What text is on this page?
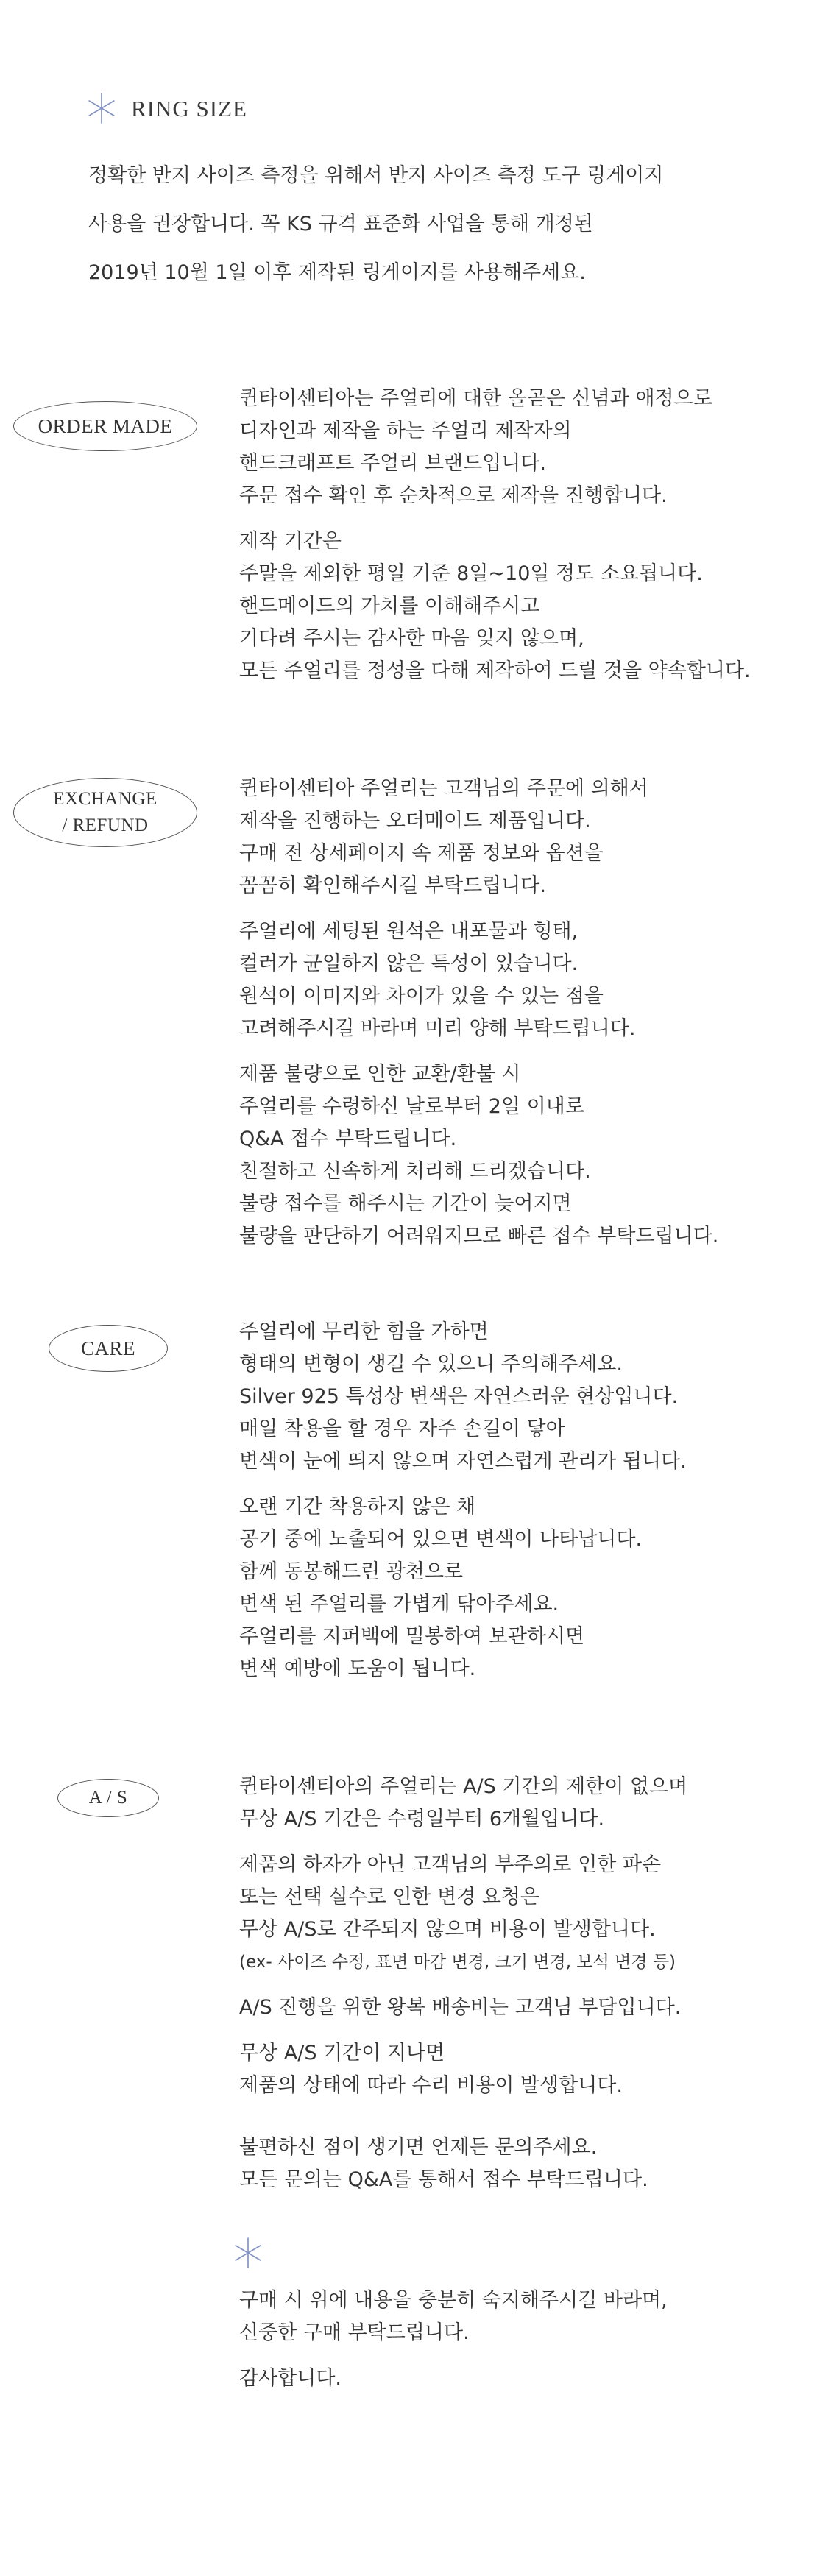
RING SIZE
정확한 반지 사이즈 측정을 위해서 반지 사이즈 측정 도구 링게이지
사용을 권장합니다. 꼭 KS 규격 표준화 사업을 통해 개정된
2019년 10월 1일 이후 제작된 링게이지를 사용해주세요.
ORDER MADE
퀸타이센티아는 주얼리에 대한 올곧은 신념과 애정으로
디자인과 제작을 하는 주얼리 제작자의
핸드크래프트 주얼리 브랜드입니다.
주문 접수 확인 후 순차적으로 제작을 진행합니다.
제작 기간은
주말을 제외한 평일 기준 8일~10일 정도 소요됩니다.
핸드메이드의 가치를 이해해주시고
기다려 주시는 감사한 마음 잊지 않으며,
모든 주얼리를 정성을 다해 제작하여 드릴 것을 약속합니다.
EXCHANGE
/ REFUND
퀸타이센티아 주얼리는 고객님의 주문에 의해서
제작을 진행하는 오더메이드 제품입니다.
구매 전 상세페이지 속 제품 정보와 옵션을
꼼꼼히 확인해주시길 부탁드립니다.
주얼리에 세팅된 원석은 내포물과 형태,
컬러가 균일하지 않은 특성이 있습니다.
원석이 이미지와 차이가 있을 수 있는 점을
고려해주시길 바라며 미리 양해 부탁드립니다.
제품 불량으로 인한 교환/환불 시
주얼리를 수령하신 날로부터 2일 이내로
Q&A 접수 부탁드립니다.
친절하고 신속하게 처리해 드리겠습니다.
불량 접수를 해주시는 기간이 늦어지면
불량을 판단하기 어려워지므로 빠른 접수 부탁드립니다.
CARE
주얼리에 무리한 힘을 가하면
형태의 변형이 생길 수 있으니 주의해주세요.
Silver 925 특성상 변색은 자연스러운 현상입니다.
매일 착용을 할 경우 자주 손길이 닿아
변색이 눈에 띄지 않으며 자연스럽게 관리가 됩니다.
오랜 기간 착용하지 않은 채
공기 중에 노출되어 있으면 변색이 나타납니다.
함께 동봉해드린 광천으로
변색 된 주얼리를 가볍게 닦아주세요.
주얼리를 지퍼백에 밀봉하여 보관하시면
변색 예방에 도움이 됩니다.
A / S	퀸타이센티아의 주얼리는 A/S 기간의 제한이 없으며
무상 A/S 기간은 수령일부터 6개월입니다.
제품의 하자가 아닌 고객님의 부주의로 인한 파손
또는 선택 실수로 인한 변경 요청은
무상 A/S로 간주되지 않으며 비용이 발생합니다.
(ex- 사이즈 수정, 표면 마감 변경, 크기 변경, 보석 변경 등)
A/S 진행을 위한 왕복 배송비는 고객님 부담입니다.
무상 A/S 기간이 지나면
제품의 상태에 따라 수리 비용이 발생합니다.
불편하신 점이 생기면 언제든 문의주세요.
모든 문의는 Q&A를 통해서 접수 부탁드립니다.
구매 시 위에 내용을 충분히 숙지해주시길 바라며,
신중한 구매 부탁드립니다.
감사합니다.
